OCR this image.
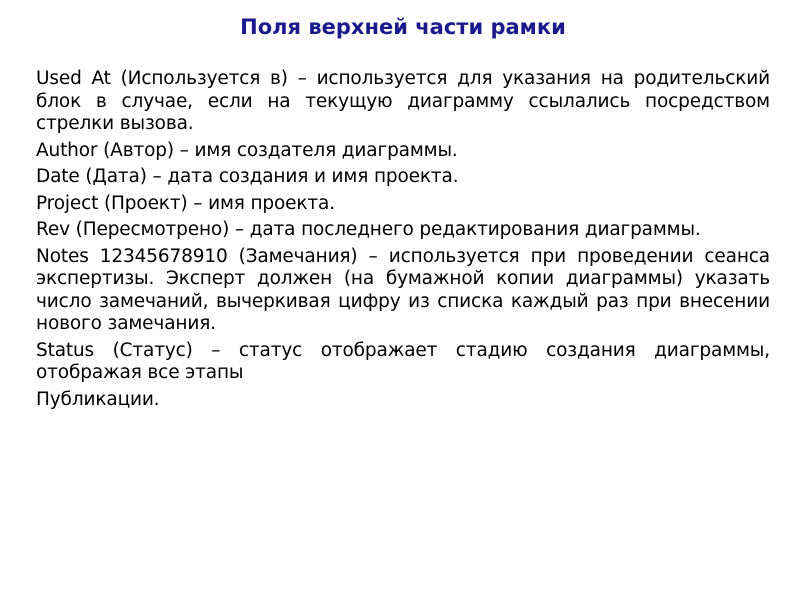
Поля верхней части рамки

Used At (Используется в) – используется для указания на родительский блок в случае, если на текущую диаграмму ссылались посредством стрелки вызова.

Author (Автор) – имя создателя диаграммы.

Date (Дата) – дата создания и имя проекта.

Project (Проект) – имя проекта.

Rev (Пересмотрено) – дата последнего редактирования диаграммы.

Notes 12345678910 (Замечания) – используется при проведении сеанса экспертизы. Эксперт должен (на бумажной копии диаграммы) указать число замечаний, вычеркивая цифру из списка каждый раз при внесении нового замечания.

Status (Статус) – статус отображает стадию создания диаграммы, отображая все этапы

Публикации.
